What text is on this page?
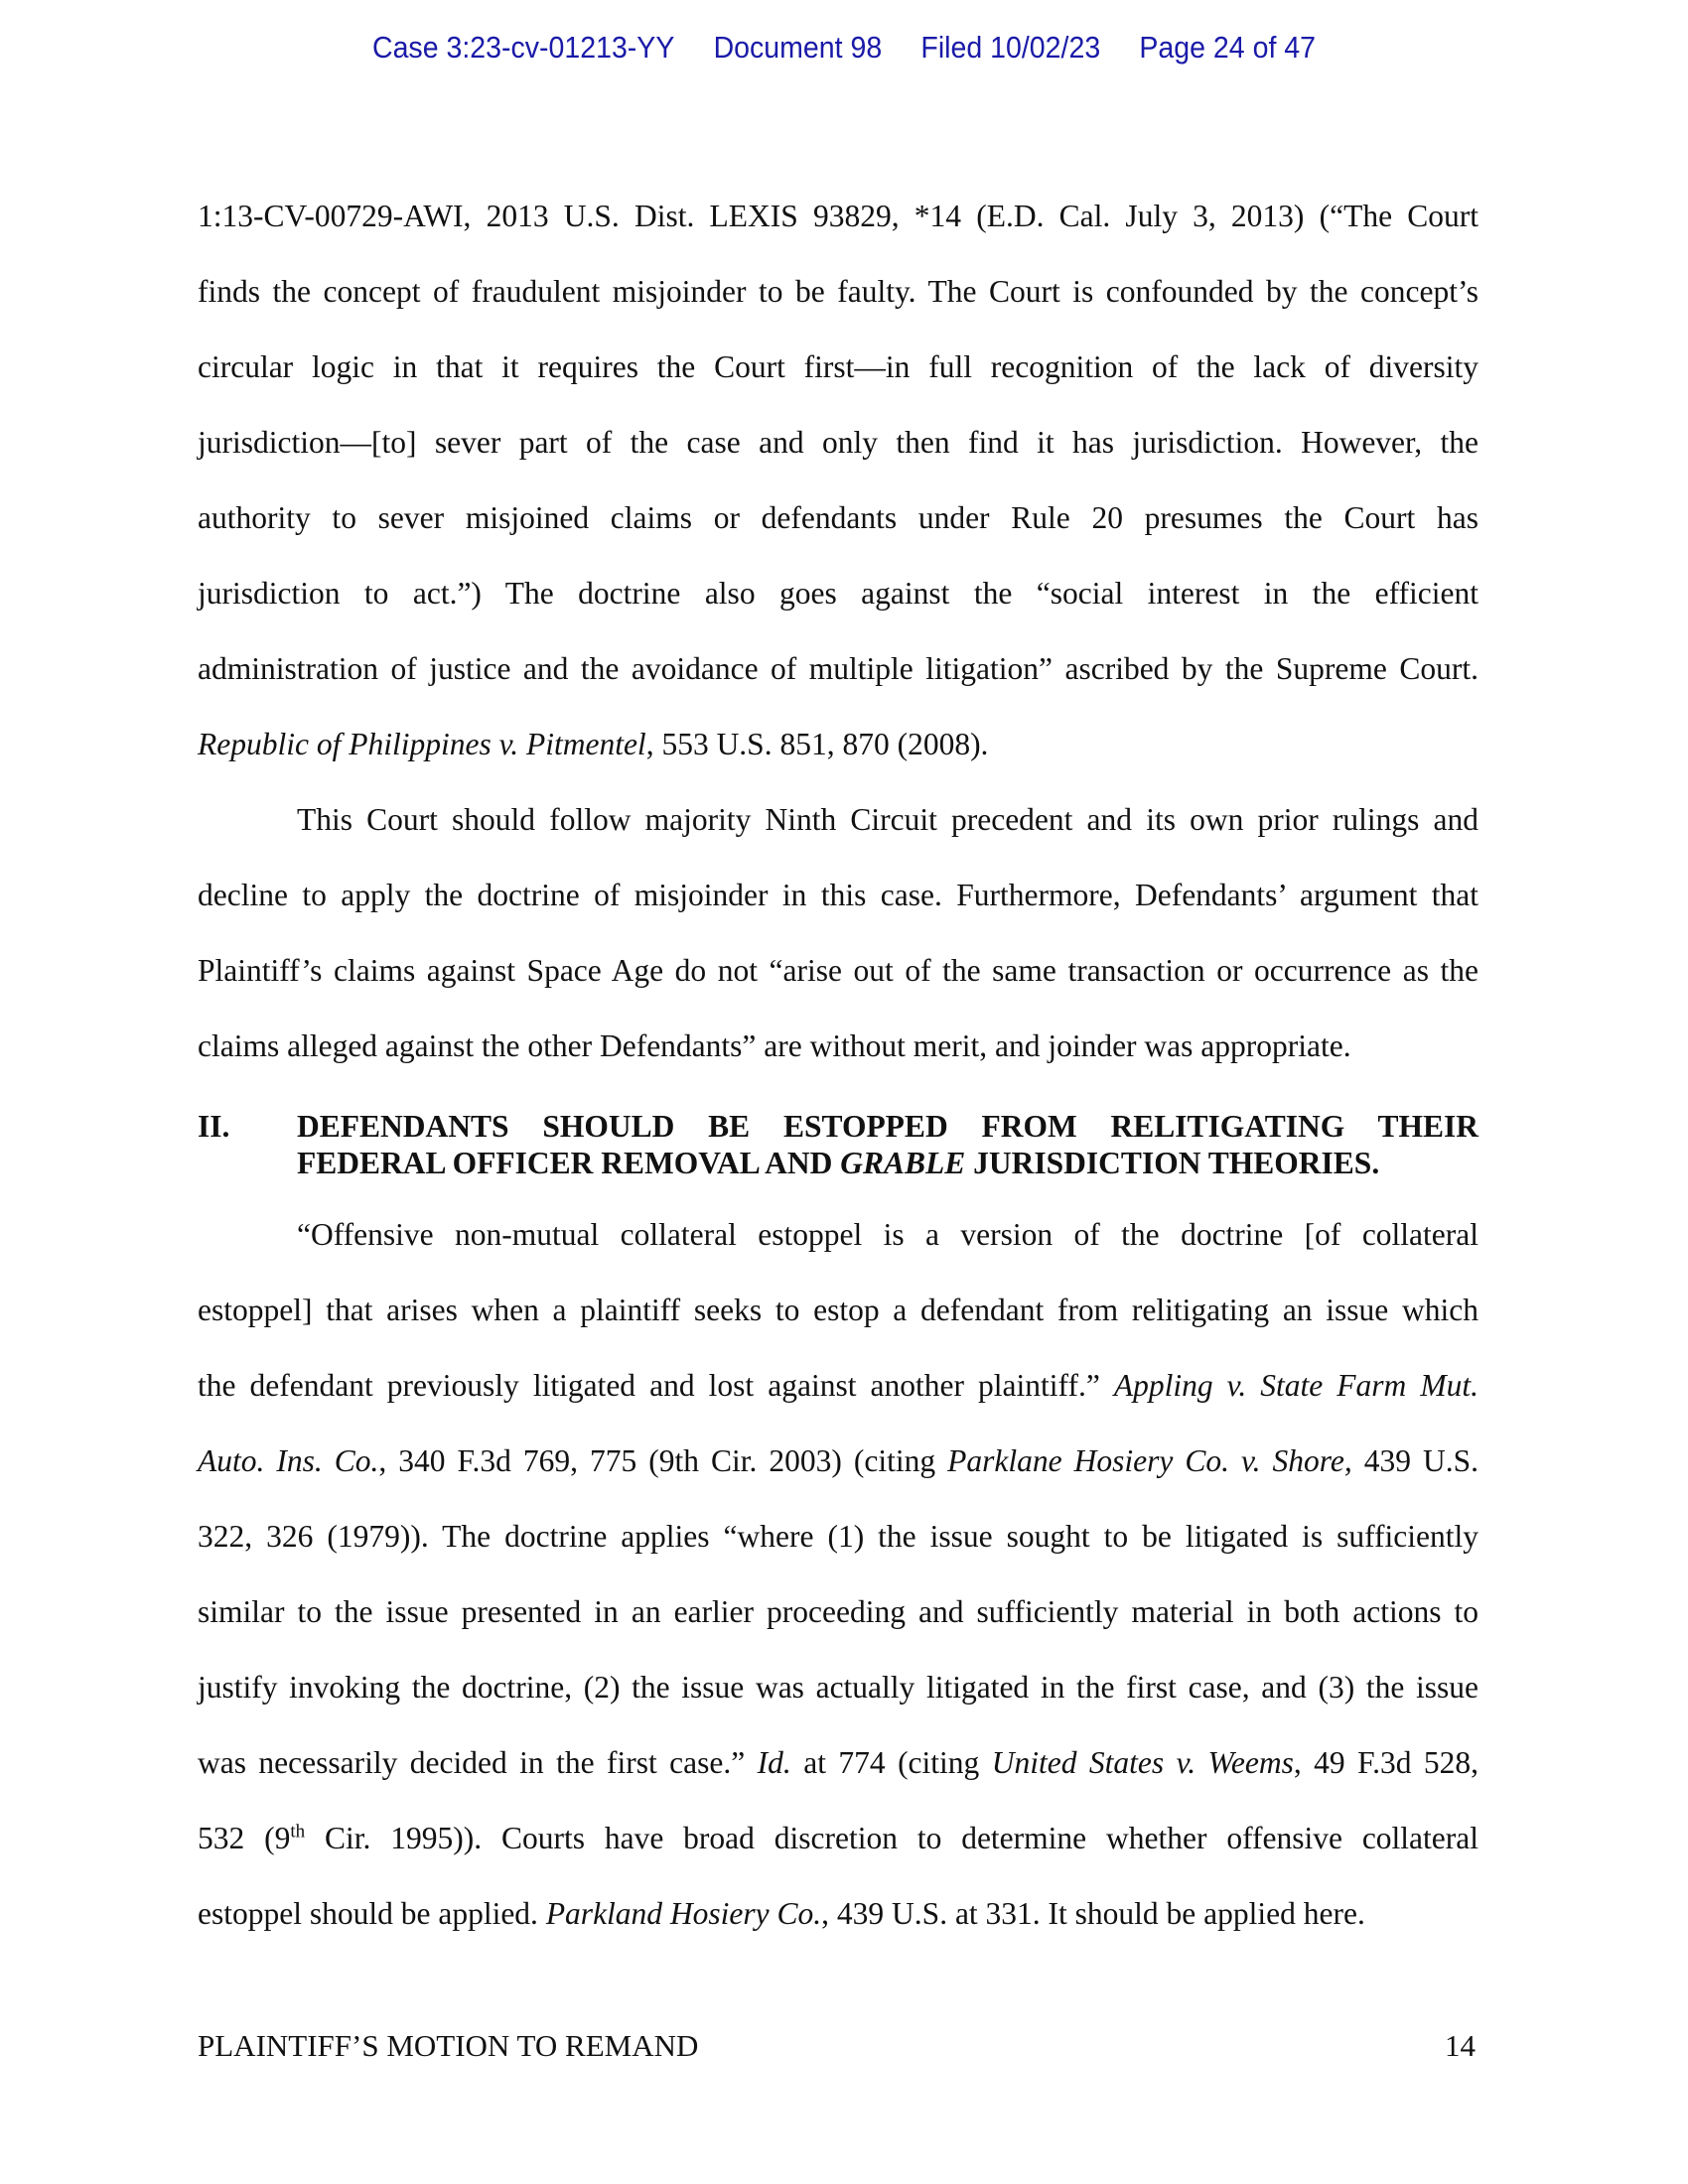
Case 3:23-cv-01213-YY Document 98 Filed 10/02/23 Page 24 of 47
1:13-CV-00729-AWI, 2013 U.S. Dist. LEXIS 93829, *14 (E.D. Cal. July 3, 2013) (“The Court
finds the concept of fraudulent misjoinder to be faulty. The Court is confounded by the concept’s
circular logic in that it requires the Court first—in full recognition of the lack of diversity
jurisdiction—[to] sever part of the case and only then find it has jurisdiction. However, the
authority to sever misjoined claims or defendants under Rule 20 presumes the Court has
jurisdiction to act.”) The doctrine also goes against the “social interest in the efficient
administration of justice and the avoidance of multiple litigation” ascribed by the Supreme Court.
Republic of Philippines v. Pitmentel, 553 U.S. 851, 870 (2008).
This Court should follow majority Ninth Circuit precedent and its own prior rulings and
decline to apply the doctrine of misjoinder in this case. Furthermore, Defendants’ argument that
Plaintiff’s claims against Space Age do not “arise out of the same transaction or occurrence as the
claims alleged against the other Defendants” are without merit, and joinder was appropriate.
II. DEFENDANTS SHOULD BE ESTOPPED FROM RELITIGATING THEIR
FEDERAL OFFICER REMOVAL AND GRABLE JURISDICTION THEORIES.
“Offensive non-mutual collateral estoppel is a version of the doctrine [of collateral
estoppel] that arises when a plaintiff seeks to estop a defendant from relitigating an issue which
the defendant previously litigated and lost against another plaintiff.” Appling v. State Farm Mut.
Auto. Ins. Co., 340 F.3d 769, 775 (9th Cir. 2003) (citing Parklane Hosiery Co. v. Shore, 439 U.S.
322, 326 (1979)). The doctrine applies “where (1) the issue sought to be litigated is sufficiently
similar to the issue presented in an earlier proceeding and sufficiently material in both actions to
justify invoking the doctrine, (2) the issue was actually litigated in the first case, and (3) the issue
was necessarily decided in the first case.” Id. at 774 (citing United States v. Weems, 49 F.3d 528,
532 (9th Cir. 1995)). Courts have broad discretion to determine whether offensive collateral
estoppel should be applied. Parkland Hosiery Co., 439 U.S. at 331. It should be applied here.
PLAINTIFF’S MOTION TO REMAND	14
